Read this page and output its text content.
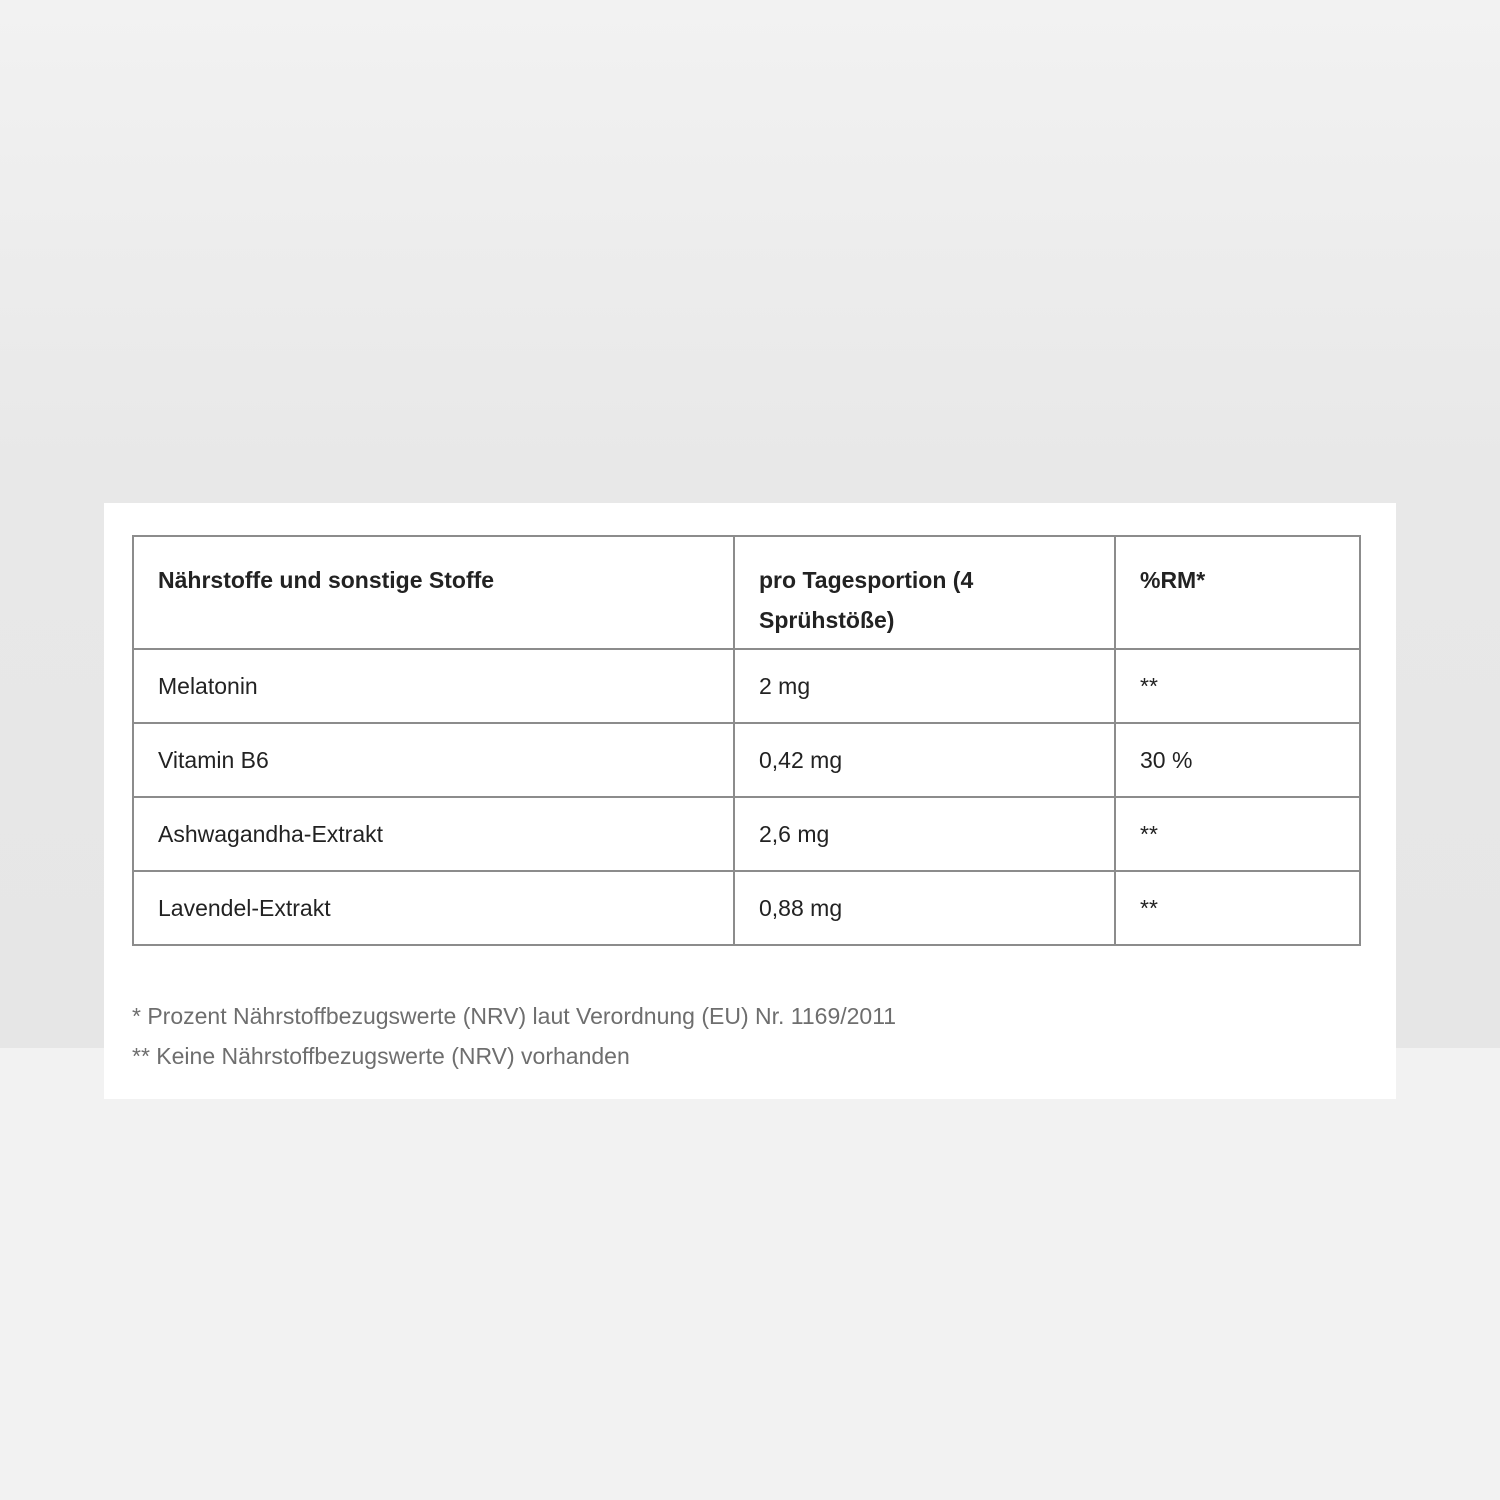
Nährstoffe und sonstige Stoffe	pro Tagesportion (4 Sprühstöße)	%RM*
Melatonin	2 mg	**
Vitamin B6	0,42 mg	30 %
Ashwagandha-Extrakt	2,6 mg	**
Lavendel-Extrakt	0,88 mg	**
* Prozent Nährstoffbezugswerte (NRV) laut Verordnung (EU) Nr. 1169/2011
** Keine Nährstoffbezugswerte (NRV) vorhanden
